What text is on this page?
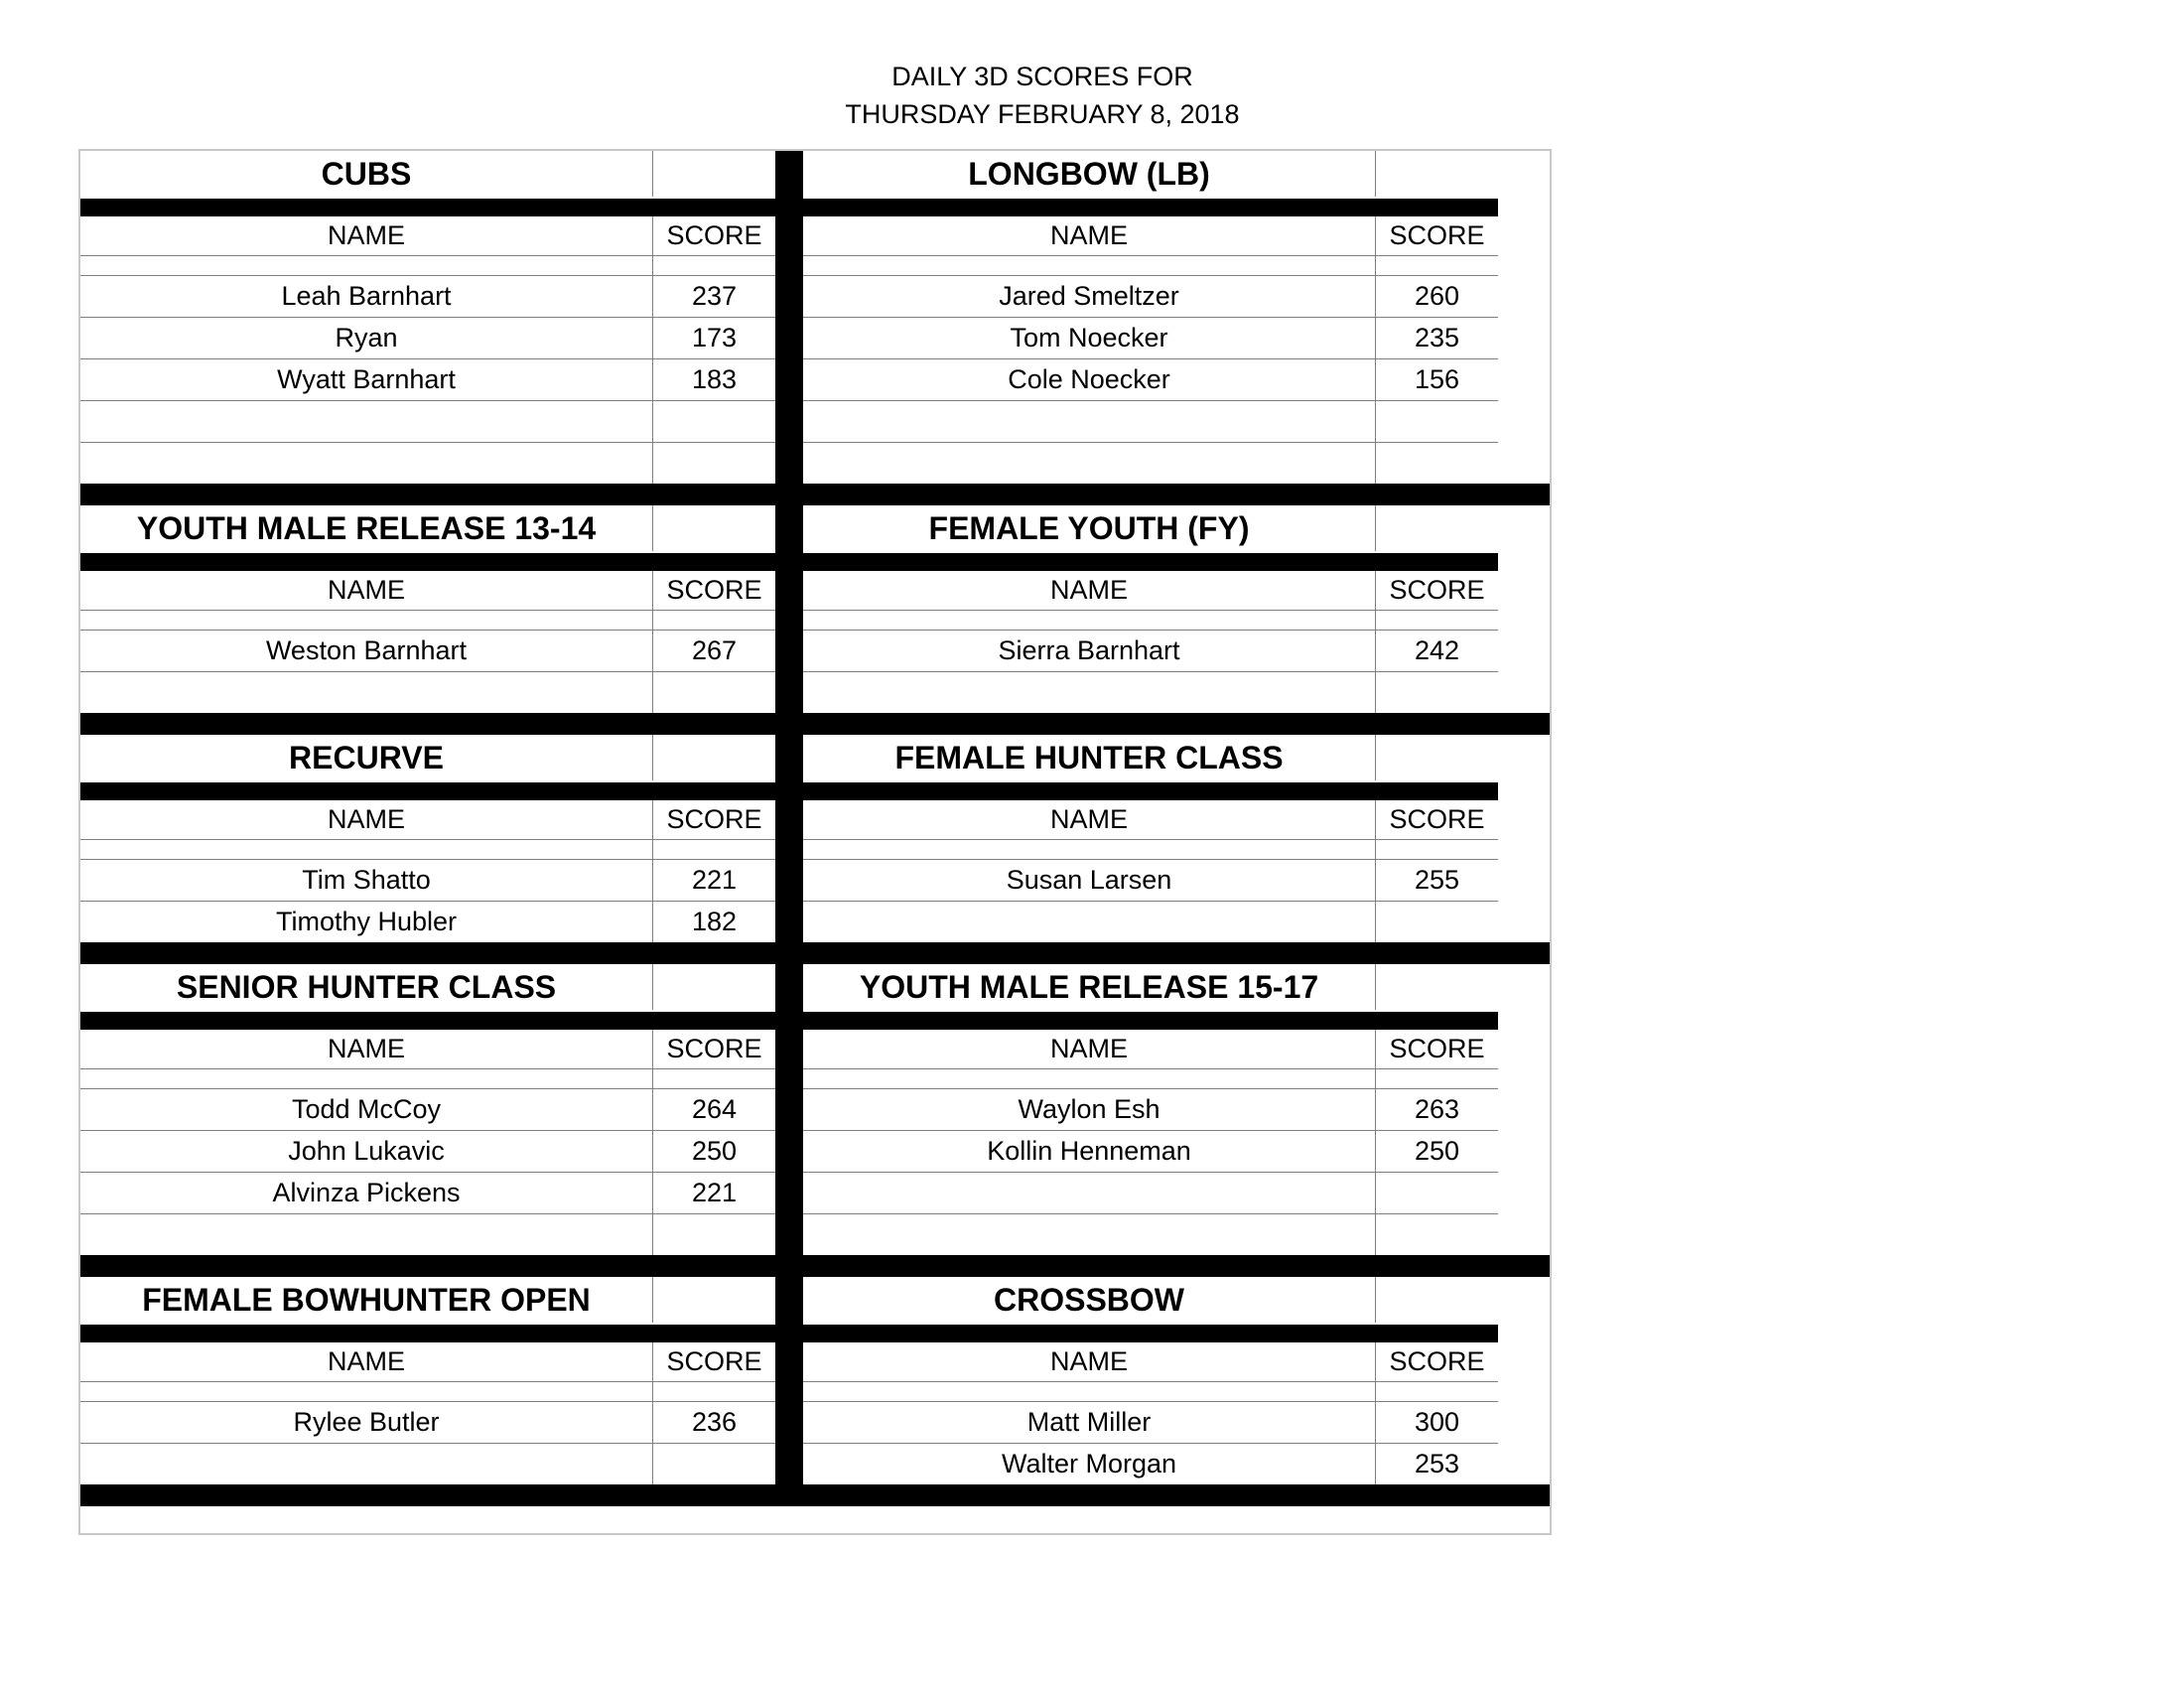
DAILY 3D SCORES FOR
THURSDAY FEBRUARY 8, 2018
CUBS
NAME	SCORE
Leah Barnhart	237
Ryan	173
Wyatt Barnhart	183
LONGBOW (LB)
NAME	SCORE
Jared Smeltzer	260
Tom Noecker	235
Cole Noecker	156
YOUTH MALE RELEASE 13-14
NAME	SCORE
Weston Barnhart	267
FEMALE YOUTH (FY)
NAME	SCORE
Sierra Barnhart	242
RECURVE
NAME	SCORE
Tim Shatto	221
Timothy Hubler	182
FEMALE HUNTER CLASS
NAME	SCORE
Susan Larsen	255
SENIOR HUNTER CLASS
NAME	SCORE
Todd McCoy	264
John Lukavic	250
Alvinza Pickens	221
YOUTH MALE RELEASE 15-17
NAME	SCORE
Waylon Esh	263
Kollin Henneman	250
FEMALE BOWHUNTER OPEN
NAME	SCORE
Rylee Butler	236
CROSSBOW
NAME	SCORE
Matt Miller	300
Walter Morgan	253
